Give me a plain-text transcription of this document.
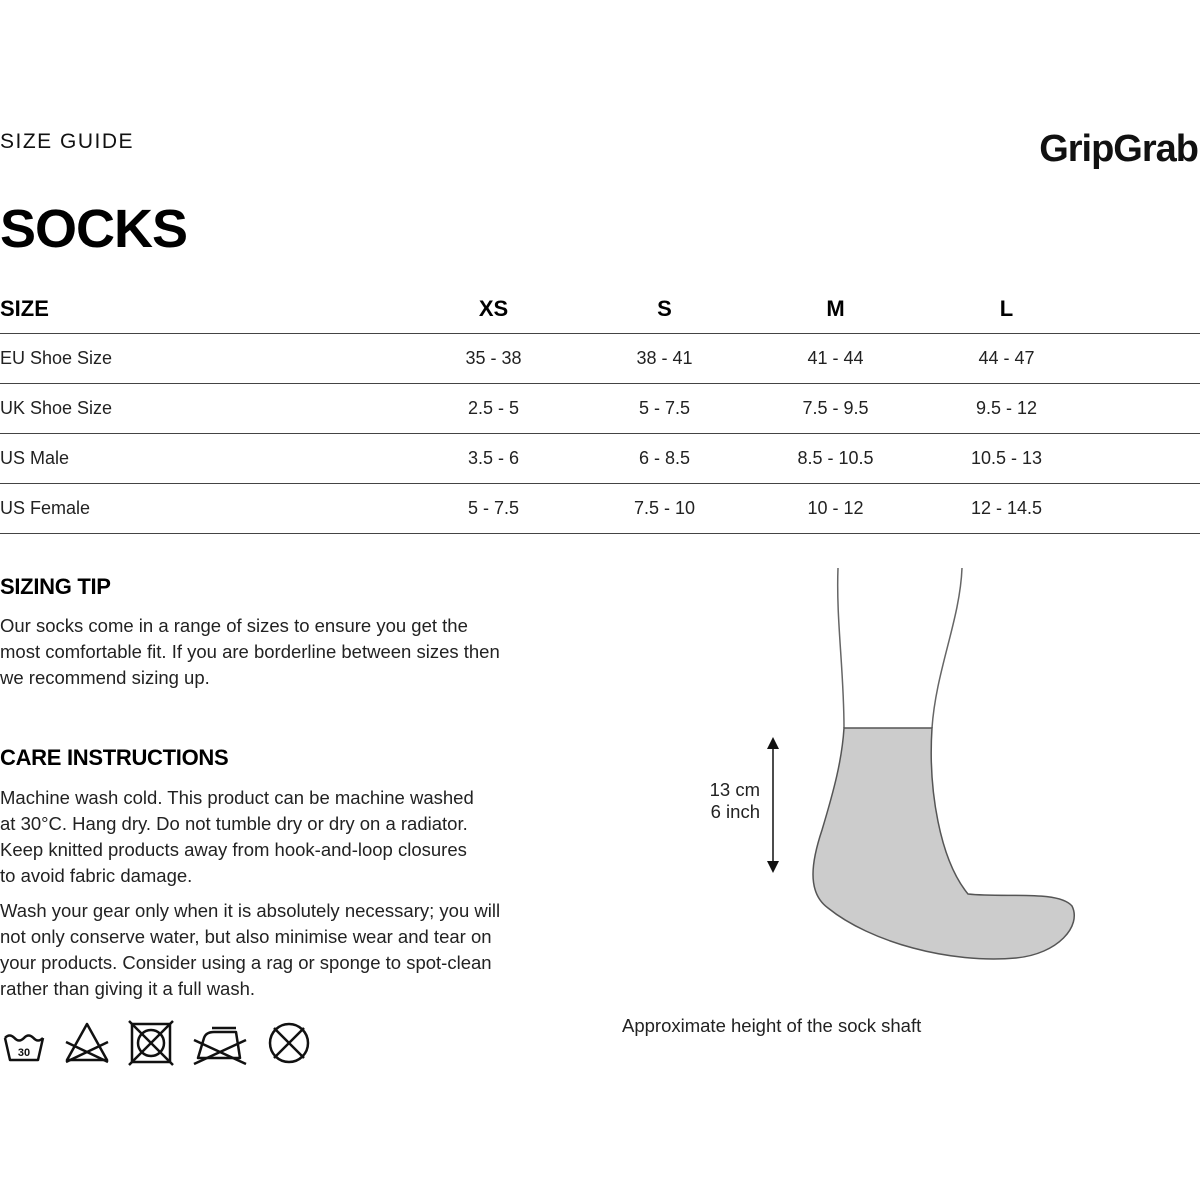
SIZE GUIDE	GripGrab
SOCKS
SIZE	XS	S	M	L	
EU Shoe Size	35 - 38	38 - 41	41 - 44	44 - 47	
UK Shoe Size	2.5 - 5	5 - 7.5	7.5 - 9.5	9.5 - 12	
US Male	3.5 - 6	6 - 8.5	8.5 - 10.5	10.5 - 13	
US Female	5 - 7.5	7.5 - 10	10 - 12	12 - 14.5	
SIZING TIP

Our socks come in a range of sizes to ensure you get the

most comfortable fit. If you are borderline between sizes then

we recommend sizing up.

CARE INSTRUCTIONS

Machine wash cold. This product can be machine washed

at 30°C. Hang dry. Do not tumble dry or dry on a radiator.

Keep knitted products away from hook-and-loop closures

to avoid fabric damage.

Wash your gear only when it is absolutely necessary; you will

not only conserve water, but also minimise wear and tear on

your products. Consider using a rag or sponge to spot-clean

rather than giving it a full wash.

30
13 cm
6 inch
Approximate height of the sock shaft
